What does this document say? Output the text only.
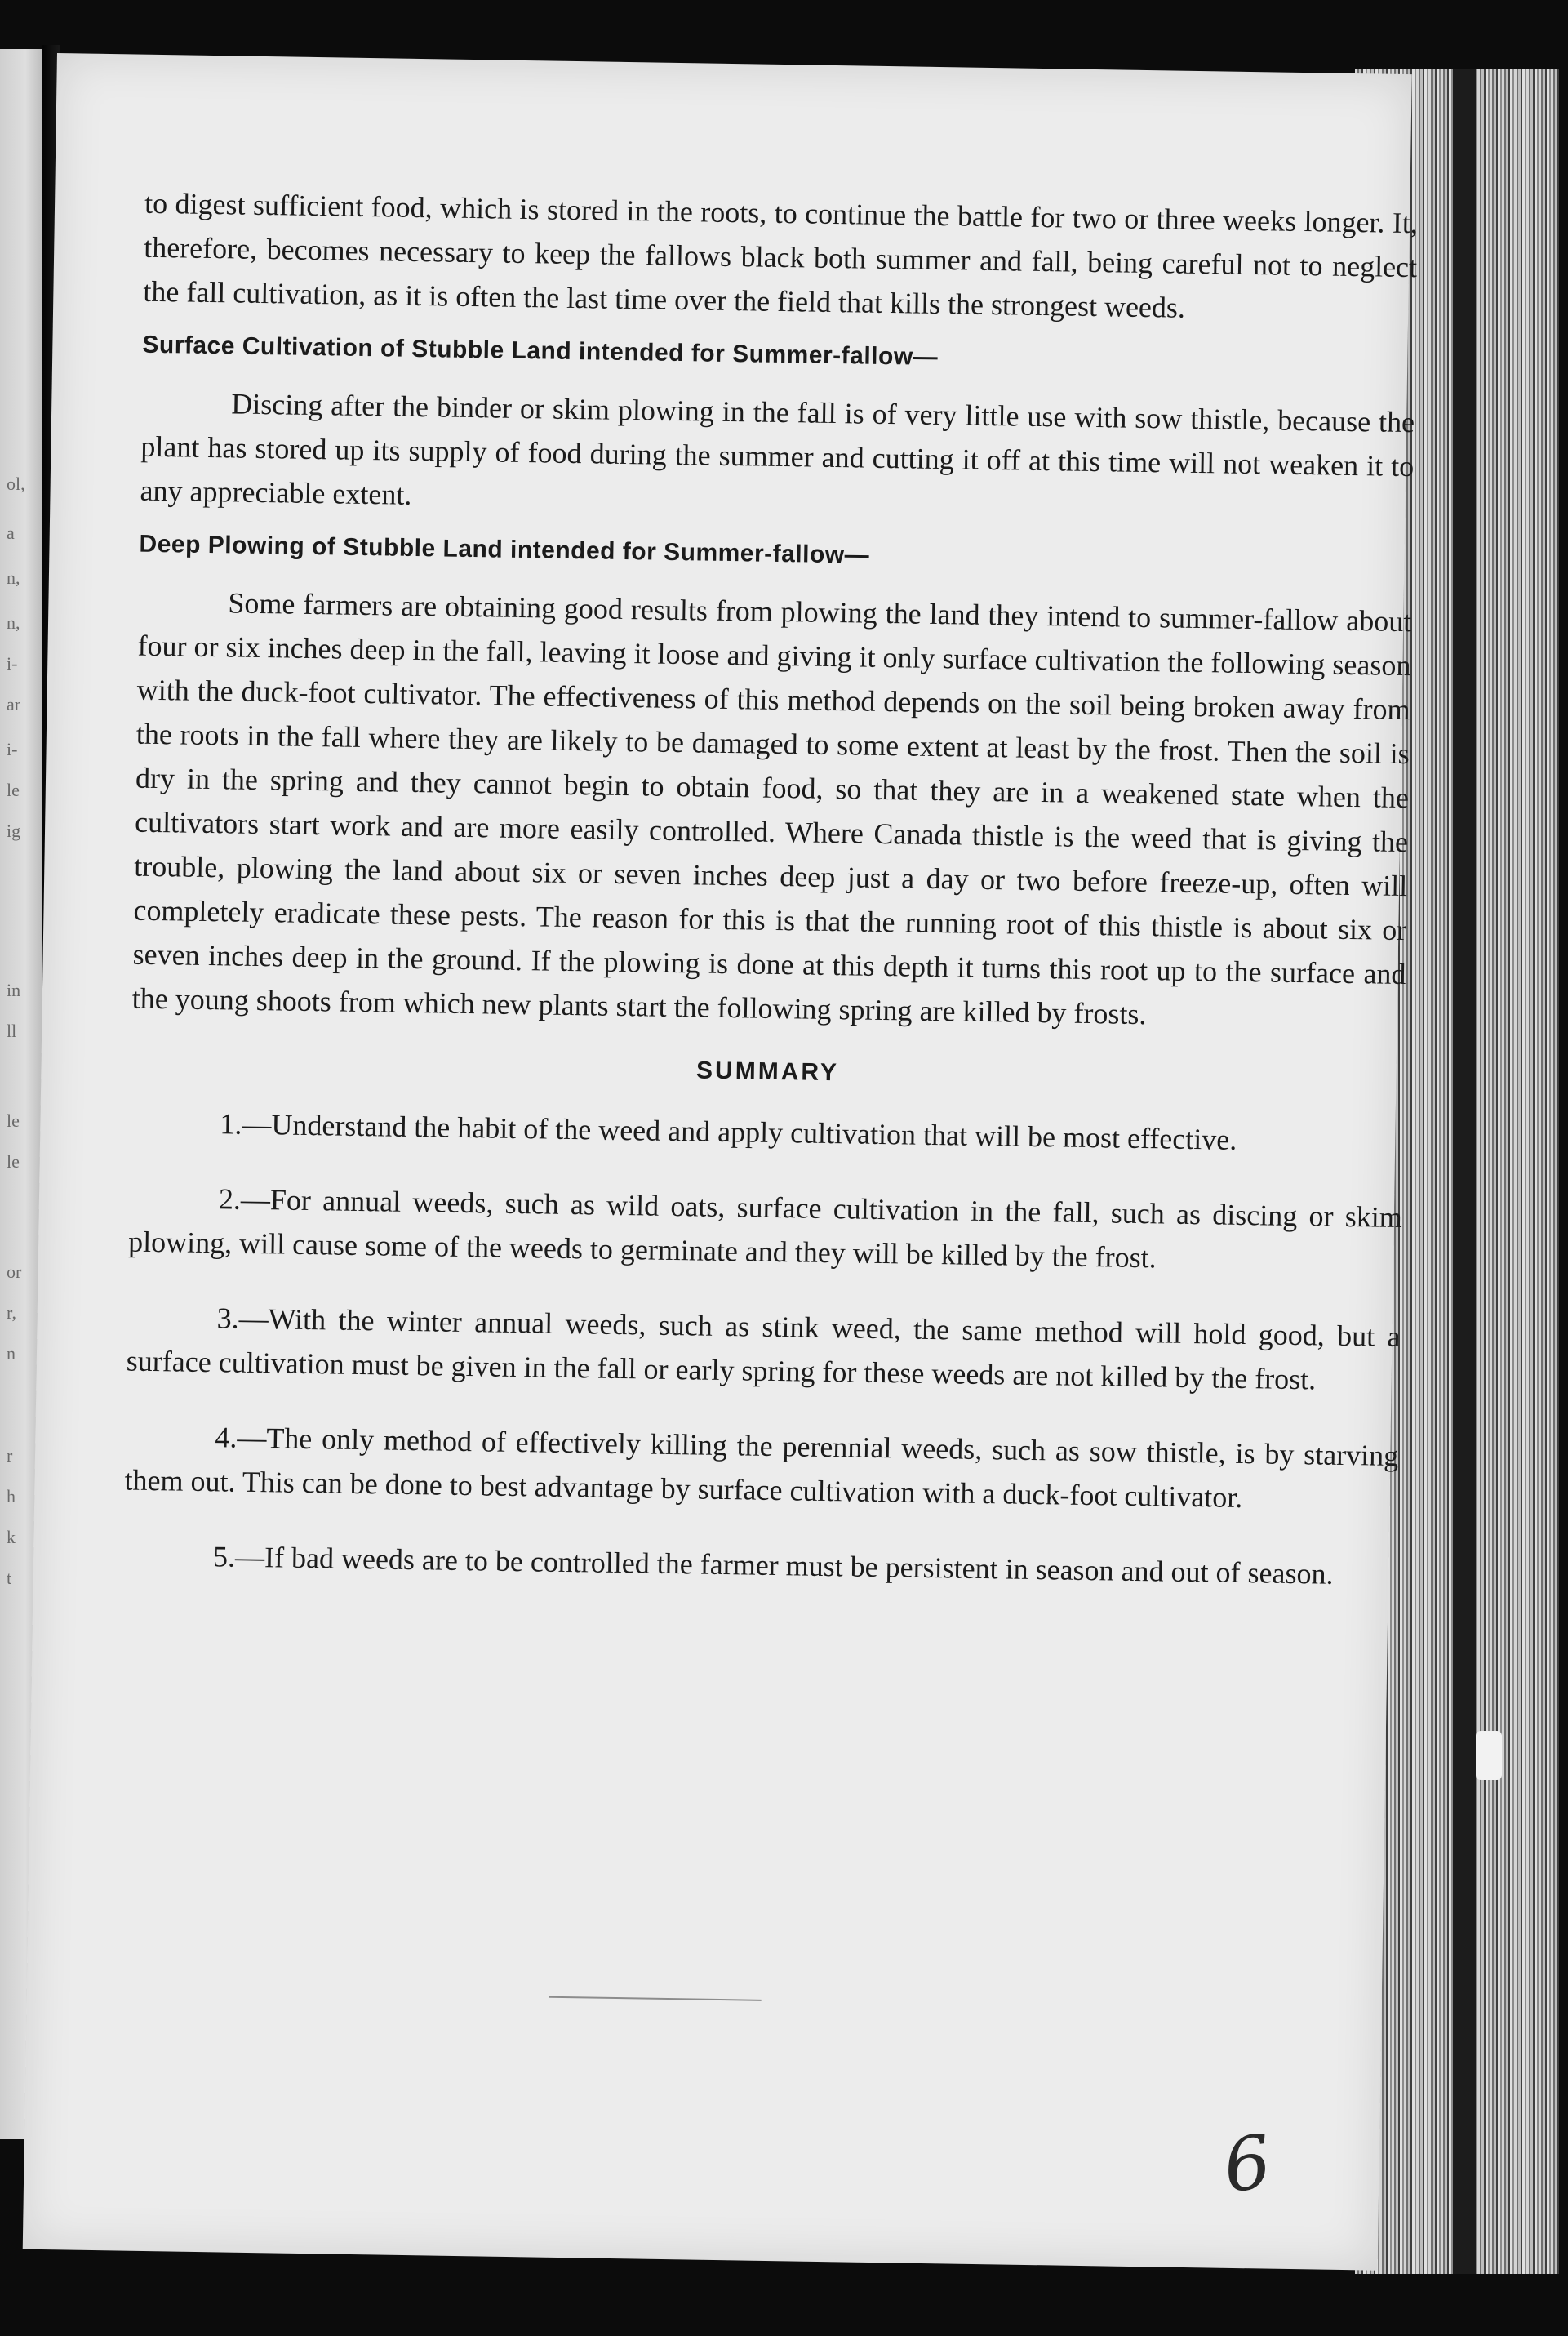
ol,
a
n,
n,
i-
ar
i-
le
ig
in
ll
le
le
or
r,
n
r
h
k
t

to digest sufficient food, which is stored in the roots, to continue the battle for two or three weeks longer. It, therefore, becomes necessary to keep the fallows black both summer and fall, being careful not to neglect the fall cultivation, as it is often the last time over the field that kills the strongest weeds.

Surface Cultivation of Stubble Land intended for Summer-fallow—

Discing after the binder or skim plowing in the fall is of very little use with sow thistle, because the plant has stored up its supply of food during the summer and cutting it off at this time will not weaken it to any appreciable extent.

Deep Plowing of Stubble Land intended for Summer-fallow—

Some farmers are obtaining good results from plowing the land they intend to summer-fallow about four or six inches deep in the fall, leaving it loose and giving it only surface cultivation the following season with the duck-foot cultivator. The effectiveness of this method depends on the soil being broken away from the roots in the fall where they are likely to be damaged to some extent at least by the frost. Then the soil is dry in the spring and they cannot begin to obtain food, so that they are in a weakened state when the cultivators start work and are more easily controlled. Where Canada thistle is the weed that is giving the trouble, plowing the land about six or seven inches deep just a day or two before freeze-up, often will completely eradicate these pests. The reason for this is that the running root of this thistle is about six or seven inches deep in the ground. If the plowing is done at this depth it turns this root up to the surface and the young shoots from which new plants start the following spring are killed by frosts.

SUMMARY

1.—Understand the habit of the weed and apply cultivation that will be most effective.

2.—For annual weeds, such as wild oats, surface cultivation in the fall, such as discing or skim plowing, will cause some of the weeds to germinate and they will be killed by the frost.

3.—With the winter annual weeds, such as stink weed, the same method will hold good, but a surface cultivation must be given in the fall or early spring for these weeds are not killed by the frost.

4.—The only method of effectively killing the perennial weeds, such as sow thistle, is by starving them out. This can be done to best advantage by surface cultivation with a duck-foot cultivator.

5.—If bad weeds are to be controlled the farmer must be persistent in season and out of season.

6
